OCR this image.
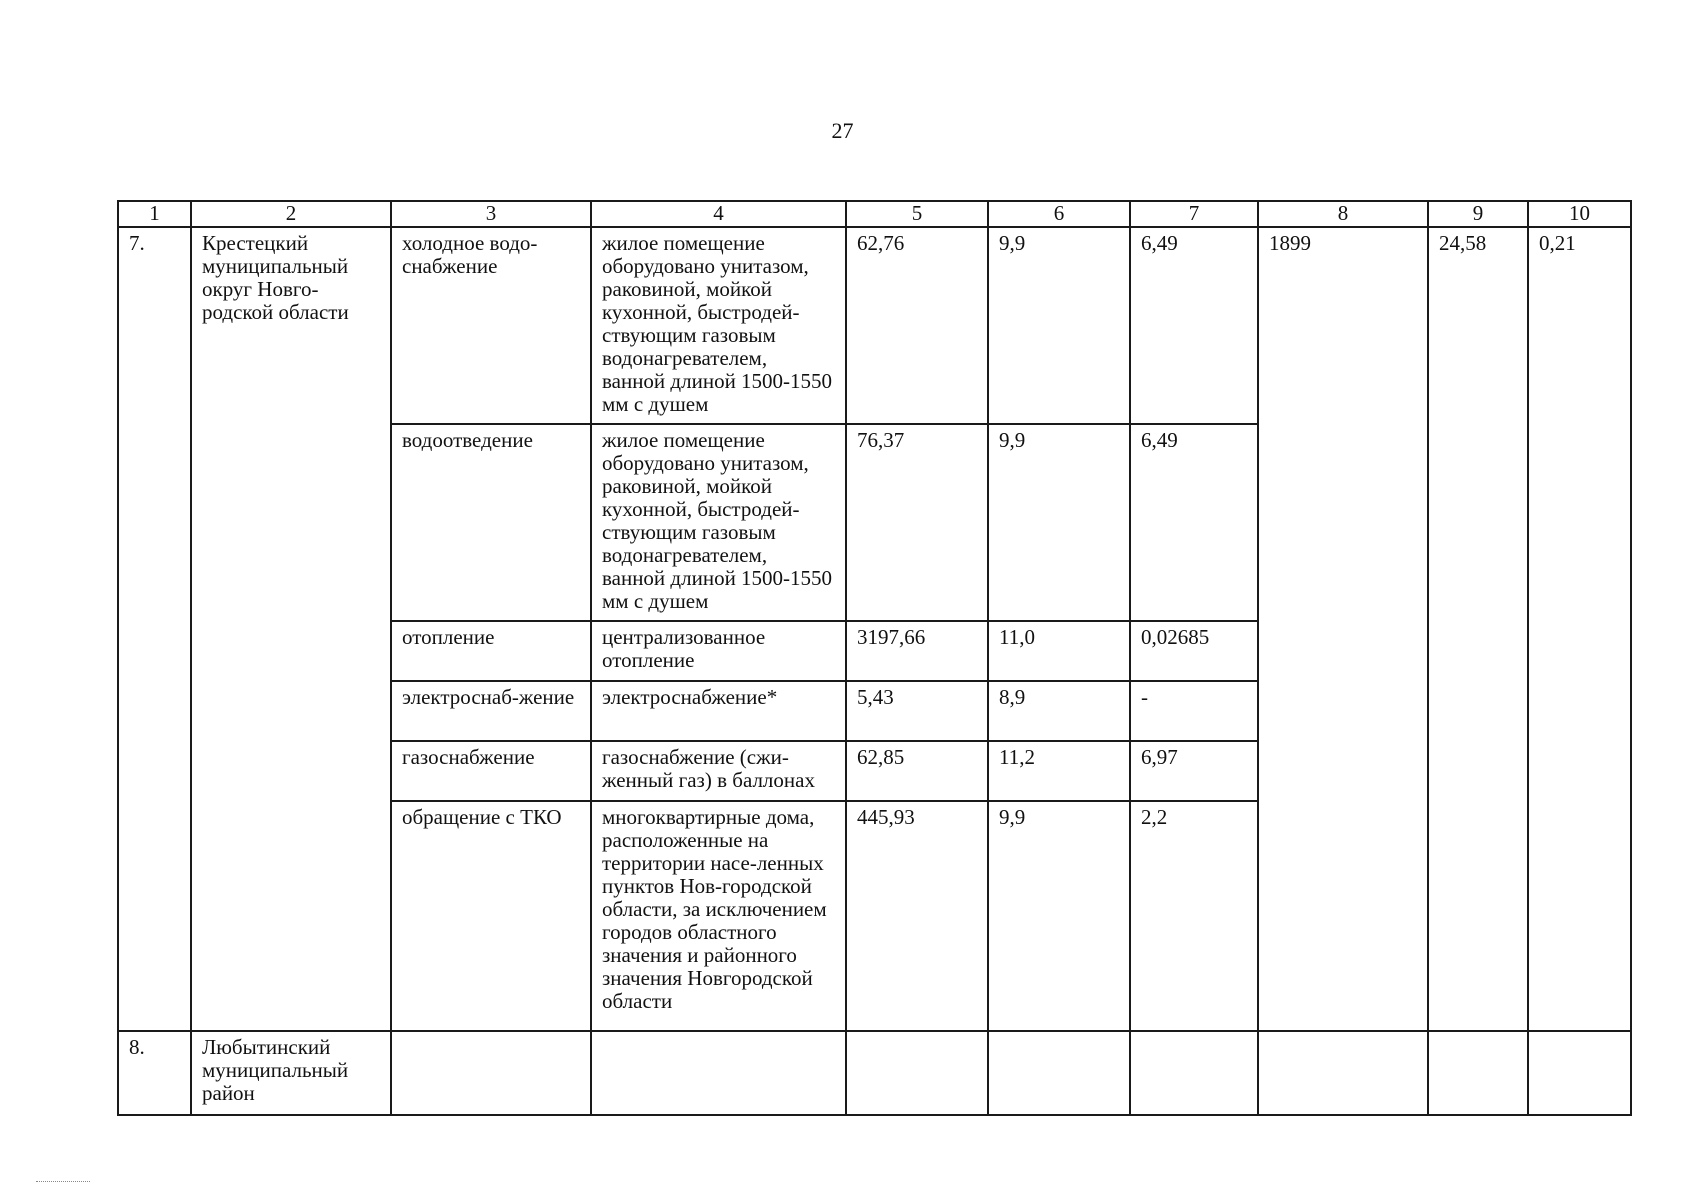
27
1	2	3	4	5	6	7	8	9	10
7.	Крестецкий муниципальный округ Новго-родской области	холодное водо-снабжение	жилое помещение оборудовано унитазом, раковиной, мойкой кухонной, быстродей-ствующим газовым водонагревателем, ванной длиной 1500-1550 мм с душем	62,76	9,9	6,49	1899	24,58	0,21
		водоотведение	жилое помещение оборудовано унитазом, раковиной, мойкой кухонной, быстродей-ствующим газовым водонагревателем, ванной длиной 1500-1550 мм с душем	76,37	9,9	6,49			
		отопление	централизованное отопление	3197,66	11,0	0,02685			
		электроснаб-жение	электроснабжение*	5,43	8,9	-			
		газоснабжение	газоснабжение (сжи-женный газ) в баллонах	62,85	11,2	6,97			
		обращение с ТКО	многоквартирные дома, расположенные на территории насе-ленных пунктов Нов-городской области, за исключением городов областного значения и районного значения Новгородской области	445,93	9,9	2,2			
8.	Любытинский муниципальный район								
